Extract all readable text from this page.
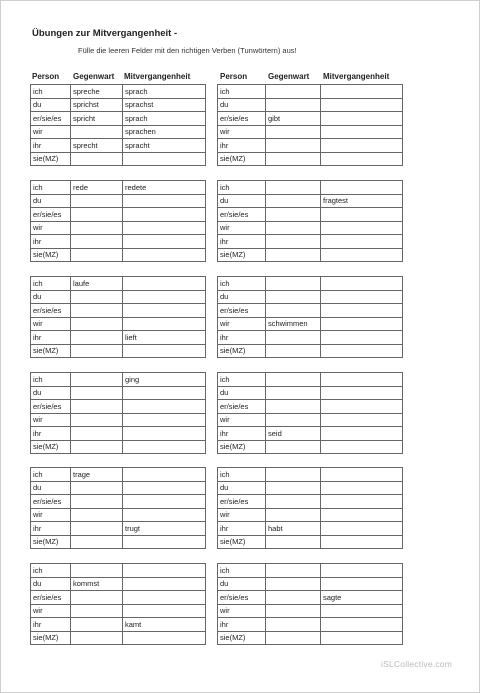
Übungen zur Mitvergangenheit -
Fülle die leeren Felder mit den richtigen Verben (Tunwörtern) aus!
Person Gegenwart Mitvergangenheit	Person	Gegenwart Mitvergangenheit
ich	spreche	sprach
du	sprichst	sprachst
er/sie/es	spricht	sprach
wir		sprachen
ihr	sprecht	spracht
sie(MZ)		
ich		
du		
er/sie/es	gibt	
wir		
ihr		
sie(MZ)		
ich	rede	redete
du		
er/sie/es		
wir		
ihr		
sie(MZ)		
ich		
du		fragtest
er/sie/es		
wir		
ihr		
sie(MZ)		
ich	laufe	
du		
er/sie/es		
wir		
ihr		lieft
sie(MZ)		
ich		
du		
er/sie/es		
wir	schwimmen	
ihr		
sie(MZ)		
ich		ging
du		
er/sie/es		
wir		
ihr		
sie(MZ)		
ich		
du		
er/sie/es		
wir		
ihr	seid	
sie(MZ)		
ich	trage	
du		
er/sie/es		
wir		
ihr		trugt
sie(MZ)		
ich		
du		
er/sie/es		
wir		
ihr	habt	
sie(MZ)		
ich		
du	kommst	
er/sie/es		
wir		
ihr		kamt
sie(MZ)		
ich		
du		
er/sie/es		sagte
wir		
ihr		
sie(MZ)		
iSLCollective.com
